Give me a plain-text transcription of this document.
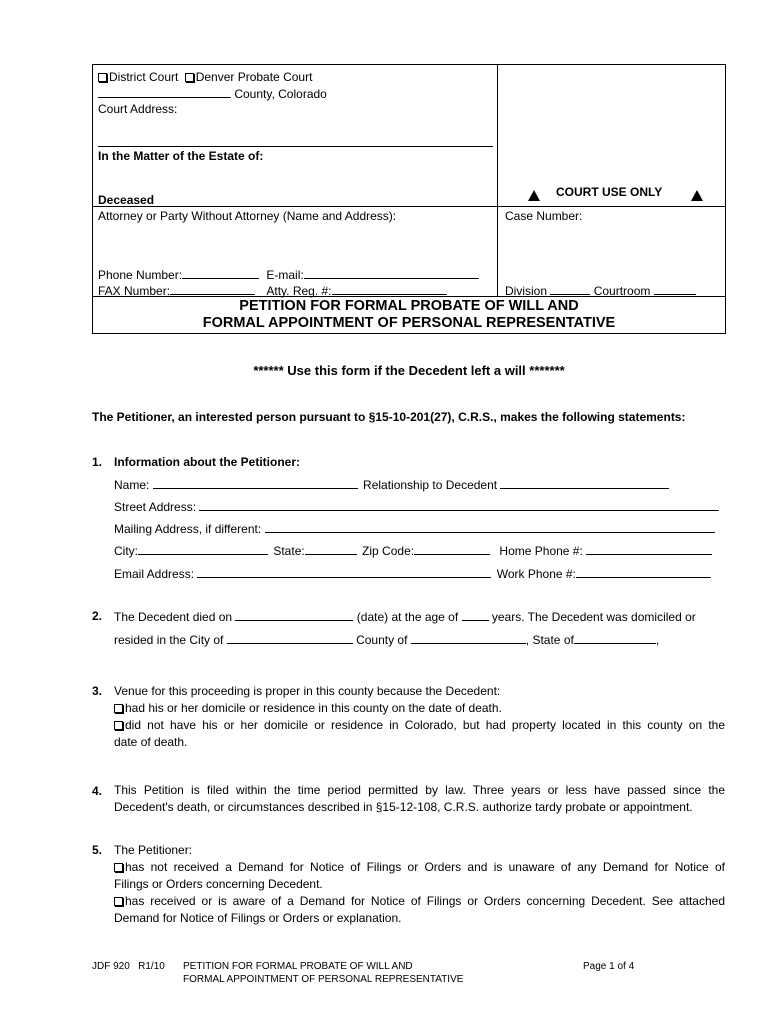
District Court Denver Probate Court
County, Colorado
Court Address:
In the Matter of the Estate of:
Deceased
Attorney or Party Without Attorney (Name and Address):
Phone Number:	E-mail:
FAX Number:	Atty. Reg. #:
COURT USE ONLY
Case Number:
Division	Courtroom
PETITION FOR FORMAL PROBATE OF WILL AND
FORMAL APPOINTMENT OF PERSONAL REPRESENTATIVE
****** Use this form if the Decedent left a will *******
The Petitioner, an interested person pursuant to §15-10-201(27), C.R.S., makes the following statements:
1. Information about the Petitioner:
Name:	Relationship to Decedent
Street Address:
Mailing Address, if different:
City:	State:	Zip Code:	Home Phone #:
Email Address:	Work Phone #:
2. The Decedent died on	(date) at the age of	years. The Decedent was domiciled or
resided in the City of	County of	, State of	,
3. Venue for this proceeding is proper in this county because the Decedent:
had his or her domicile or residence in this county on the date of death.
did not have his or her domicile or residence in Colorado, but had property located in this county on the
date of death.
4. This Petition is filed within the time period permitted by law. Three years or less have passed since the
Decedent's death, or circumstances described in §15-12-108, C.R.S. authorize tardy probate or appointment.
5. The Petitioner:
has not received a Demand for Notice of Filings or Orders and is unaware of any Demand for Notice of
Filings or Orders concerning Decedent.
has received or is aware of a Demand for Notice of Filings or Orders concerning Decedent. See attached
Demand for Notice of Filings or Orders or explanation.
JDF 920   R1/10 PETITION FOR FORMAL PROBATE OF WILL AND
FORMAL APPOINTMENT OF PERSONAL REPRESENTATIVE
Page 1 of 4
